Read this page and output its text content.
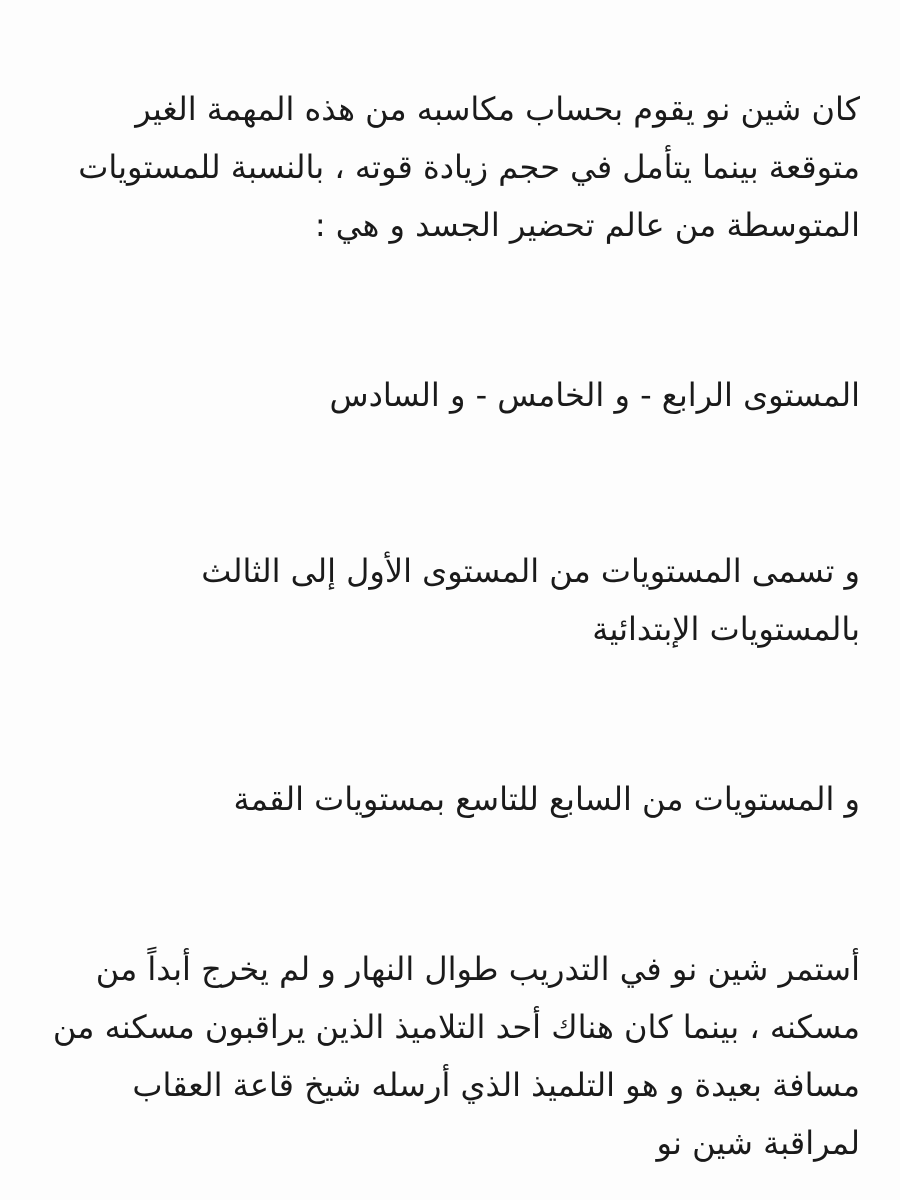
كان شين نو يقوم بحساب مكاسبه من هذه المهمة الغير متوقعة بينما يتأمل في حجم زيادة قوته ، بالنسبة للمستويات المتوسطة من عالم تحضير الجسد و هي :

المستوى الرابع - و الخامس - و السادس

و تسمى المستويات من المستوى الأول إلى الثالث بالمستويات الإبتدائية

و المستويات من السابع للتاسع بمستويات القمة

أستمر شين نو في التدريب طوال النهار و لم يخرج أبداً من مسكنه ، بينما كان هناك أحد التلاميذ الذين يراقبون مسكنه من مسافة بعيدة و هو التلميذ الذي أرسله شيخ قاعة العقاب لمراقبة شين نو
